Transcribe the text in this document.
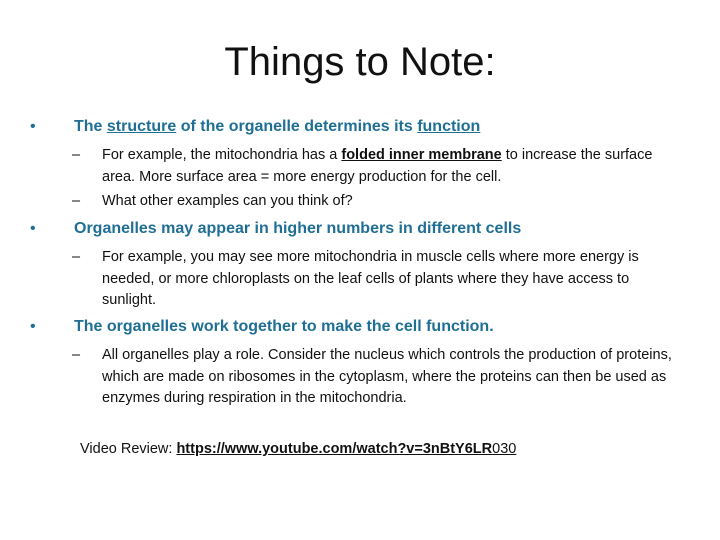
Things to Note:
•	The structure of the organelle determines its function
–	For example, the mitochondria has a folded inner membrane to increase the surface area. More surface area = more energy production for the cell.
–	What other examples can you think of?
•	Organelles may appear in higher numbers in different cells
–	For example, you may see more mitochondria in muscle cells where more energy is needed, or more chloroplasts on the leaf cells of plants where they have access to sunlight.
•	The organelles work together to make the cell function.
–	All organelles play a role. Consider the nucleus which controls the production of proteins, which are made on ribosomes in the cytoplasm, where the proteins can then be used as enzymes during respiration in the mitochondria.
Video Review: https://www.youtube.com/watch?v=3nBtY6LR030
